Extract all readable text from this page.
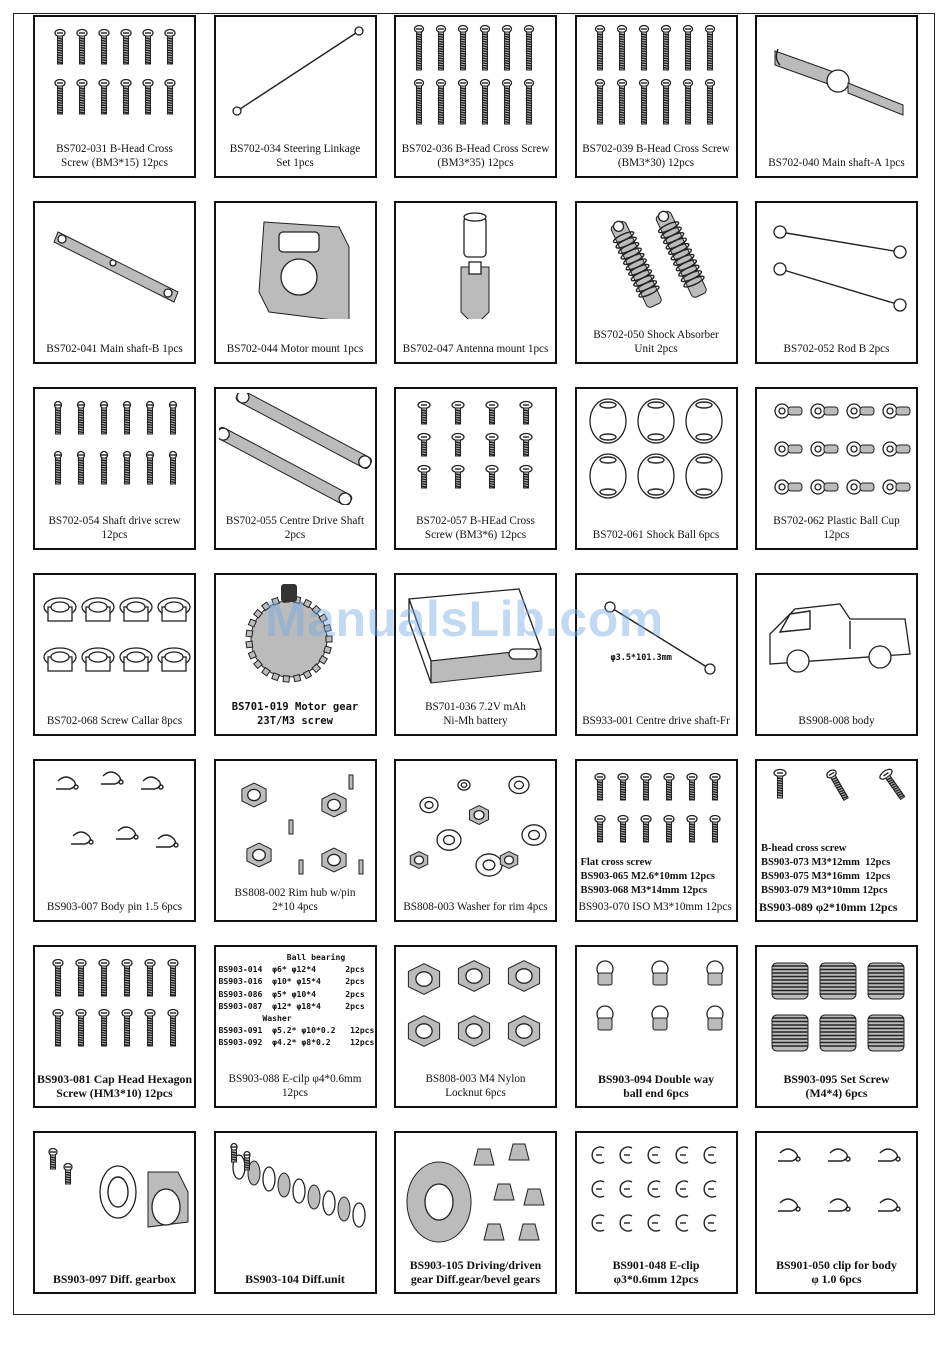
BS702-031 B-Head Cross
Screw (BM3*15) 12pcs
BS702-034 Steering Linkage
Set 1pcs
BS702-036 B-Head Cross Screw
(BM3*35) 12pcs
BS702-039 B-Head Cross Screw
(BM3*30) 12pcs	BS702-040 Main shaft-A 1pcs
BS702-041 Main shaft-B 1pcs	BS702-044 Motor mount 1pcs	BS702-047 Antenna mount 1pcs
BS702-050 Shock Absorber
Unit 2pcs	BS702-052 Rod B 2pcs
BS702-054 Shaft drive screw 12pcs
BS702-055 Centre Drive Shaft 2pcs
BS702-057 B-HEad Cross
Screw (BM3*6) 12pcs	BS702-061 Shock Ball 6pcs
BS702-062 Plastic Ball Cup 12pcs
BS702-068 Screw Callar 8pcs
BS701-019 Motor gear
23T/M3 screw
BS701-036 7.2V mAh
Ni-Mh battery
φ3.5*101.3mm
BS933-001 Centre drive shaft-Fr	BS908-008 body
BS903-007 Body pin 1.5 6pcs
BS808-002 Rim hub w/pin
2*10 4pcs	BS808-003 Washer for rim 4pcs
Flat cross screw
BS903-065 M2.6*10mm 12pcs
BS903-068 M3*14mm 12pcs
BS903-070 ISO M3*10mm 12pcs
B-head cross screw
BS903-073 M3*12mm  12pcs
BS903-075 M3*16mm  12pcs
BS903-079 M3*10mm 12pcs
BS903-089 φ2*10mm 12pcs
BS903-081 Cap Head Hexagon
Screw (HM3*10) 12pcs
Ball bearing
BS903-014  φ6* φ12*4      2pcs
BS903-016  φ10* φ15*4     2pcs
BS903-086  φ5* φ10*4      2pcs
BS903-087  φ12* φ18*4     2pcs
Washer
BS903-091  φ5.2* φ10*0.2   12pcs
BS903-092  φ4.2* φ8*0.2    12pcs
BS903-088 E-cilp φ4*0.6mm 12pcs
BS808-003 M4 Nylon
Locknut 6pcs
BS903-094 Double way
ball end 6pcs
BS903-095 Set Screw
(M4*4) 6pcs
BS903-097 Diff. gearbox	BS903-104 Diff.unit
BS903-105 Driving/driven
gear Diff.gear/bevel gears
BS901-048 E-clip
φ3*0.6mm 12pcs
BS901-050 clip for body
φ 1.0 6pcs
ManualsLib.com
